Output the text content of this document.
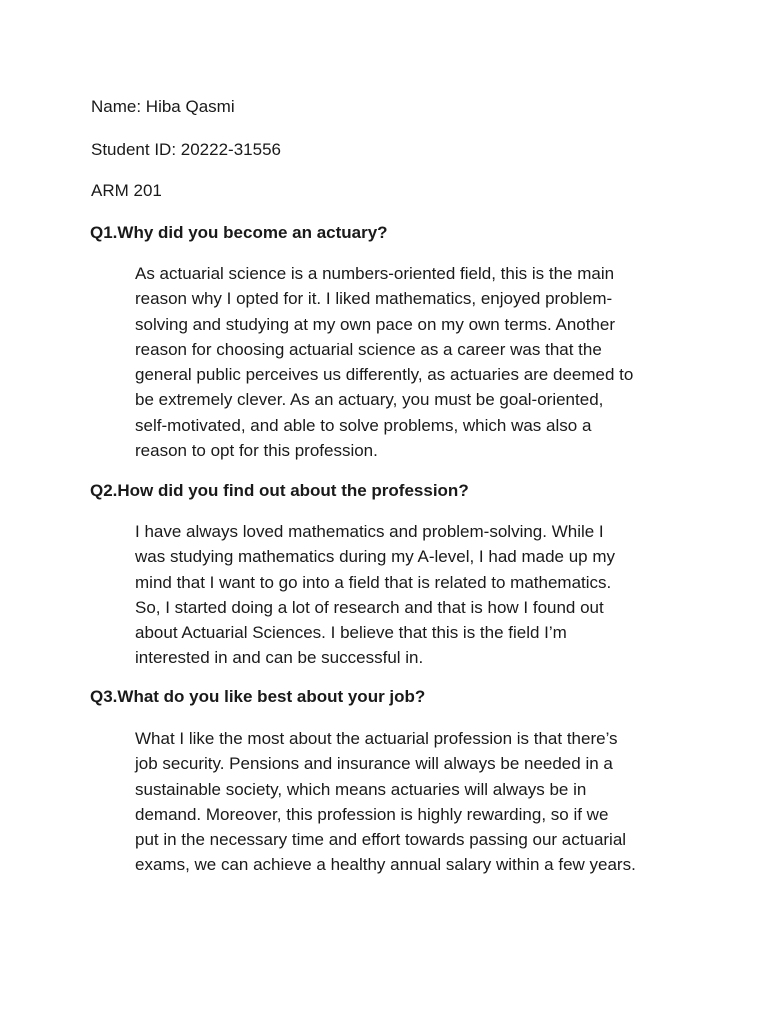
Name: Hiba Qasmi
Student ID: 20222-31556
ARM 201
Q1.Why did you become an actuary?
As actuarial science is a numbers-oriented field, this is the main
reason why I opted for it. I liked mathematics, enjoyed problem-
solving and studying at my own pace on my own terms. Another
reason for choosing actuarial science as a career was that the
general public perceives us differently, as actuaries are deemed to
be extremely clever. As an actuary, you must be goal-oriented,
self-motivated, and able to solve problems, which was also a
reason to opt for this profession.
Q2.How did you find out about the profession?
I have always loved mathematics and problem-solving. While I
was studying mathematics during my A-level, I had made up my
mind that I want to go into a field that is related to mathematics.
So, I started doing a lot of research and that is how I found out
about Actuarial Sciences. I believe that this is the field I’m
interested in and can be successful in.
Q3.What do you like best about your job?
What I like the most about the actuarial profession is that there’s
job security. Pensions and insurance will always be needed in a
sustainable society, which means actuaries will always be in
demand. Moreover, this profession is highly rewarding, so if we
put in the necessary time and effort towards passing our actuarial
exams, we can achieve a healthy annual salary within a few years.
